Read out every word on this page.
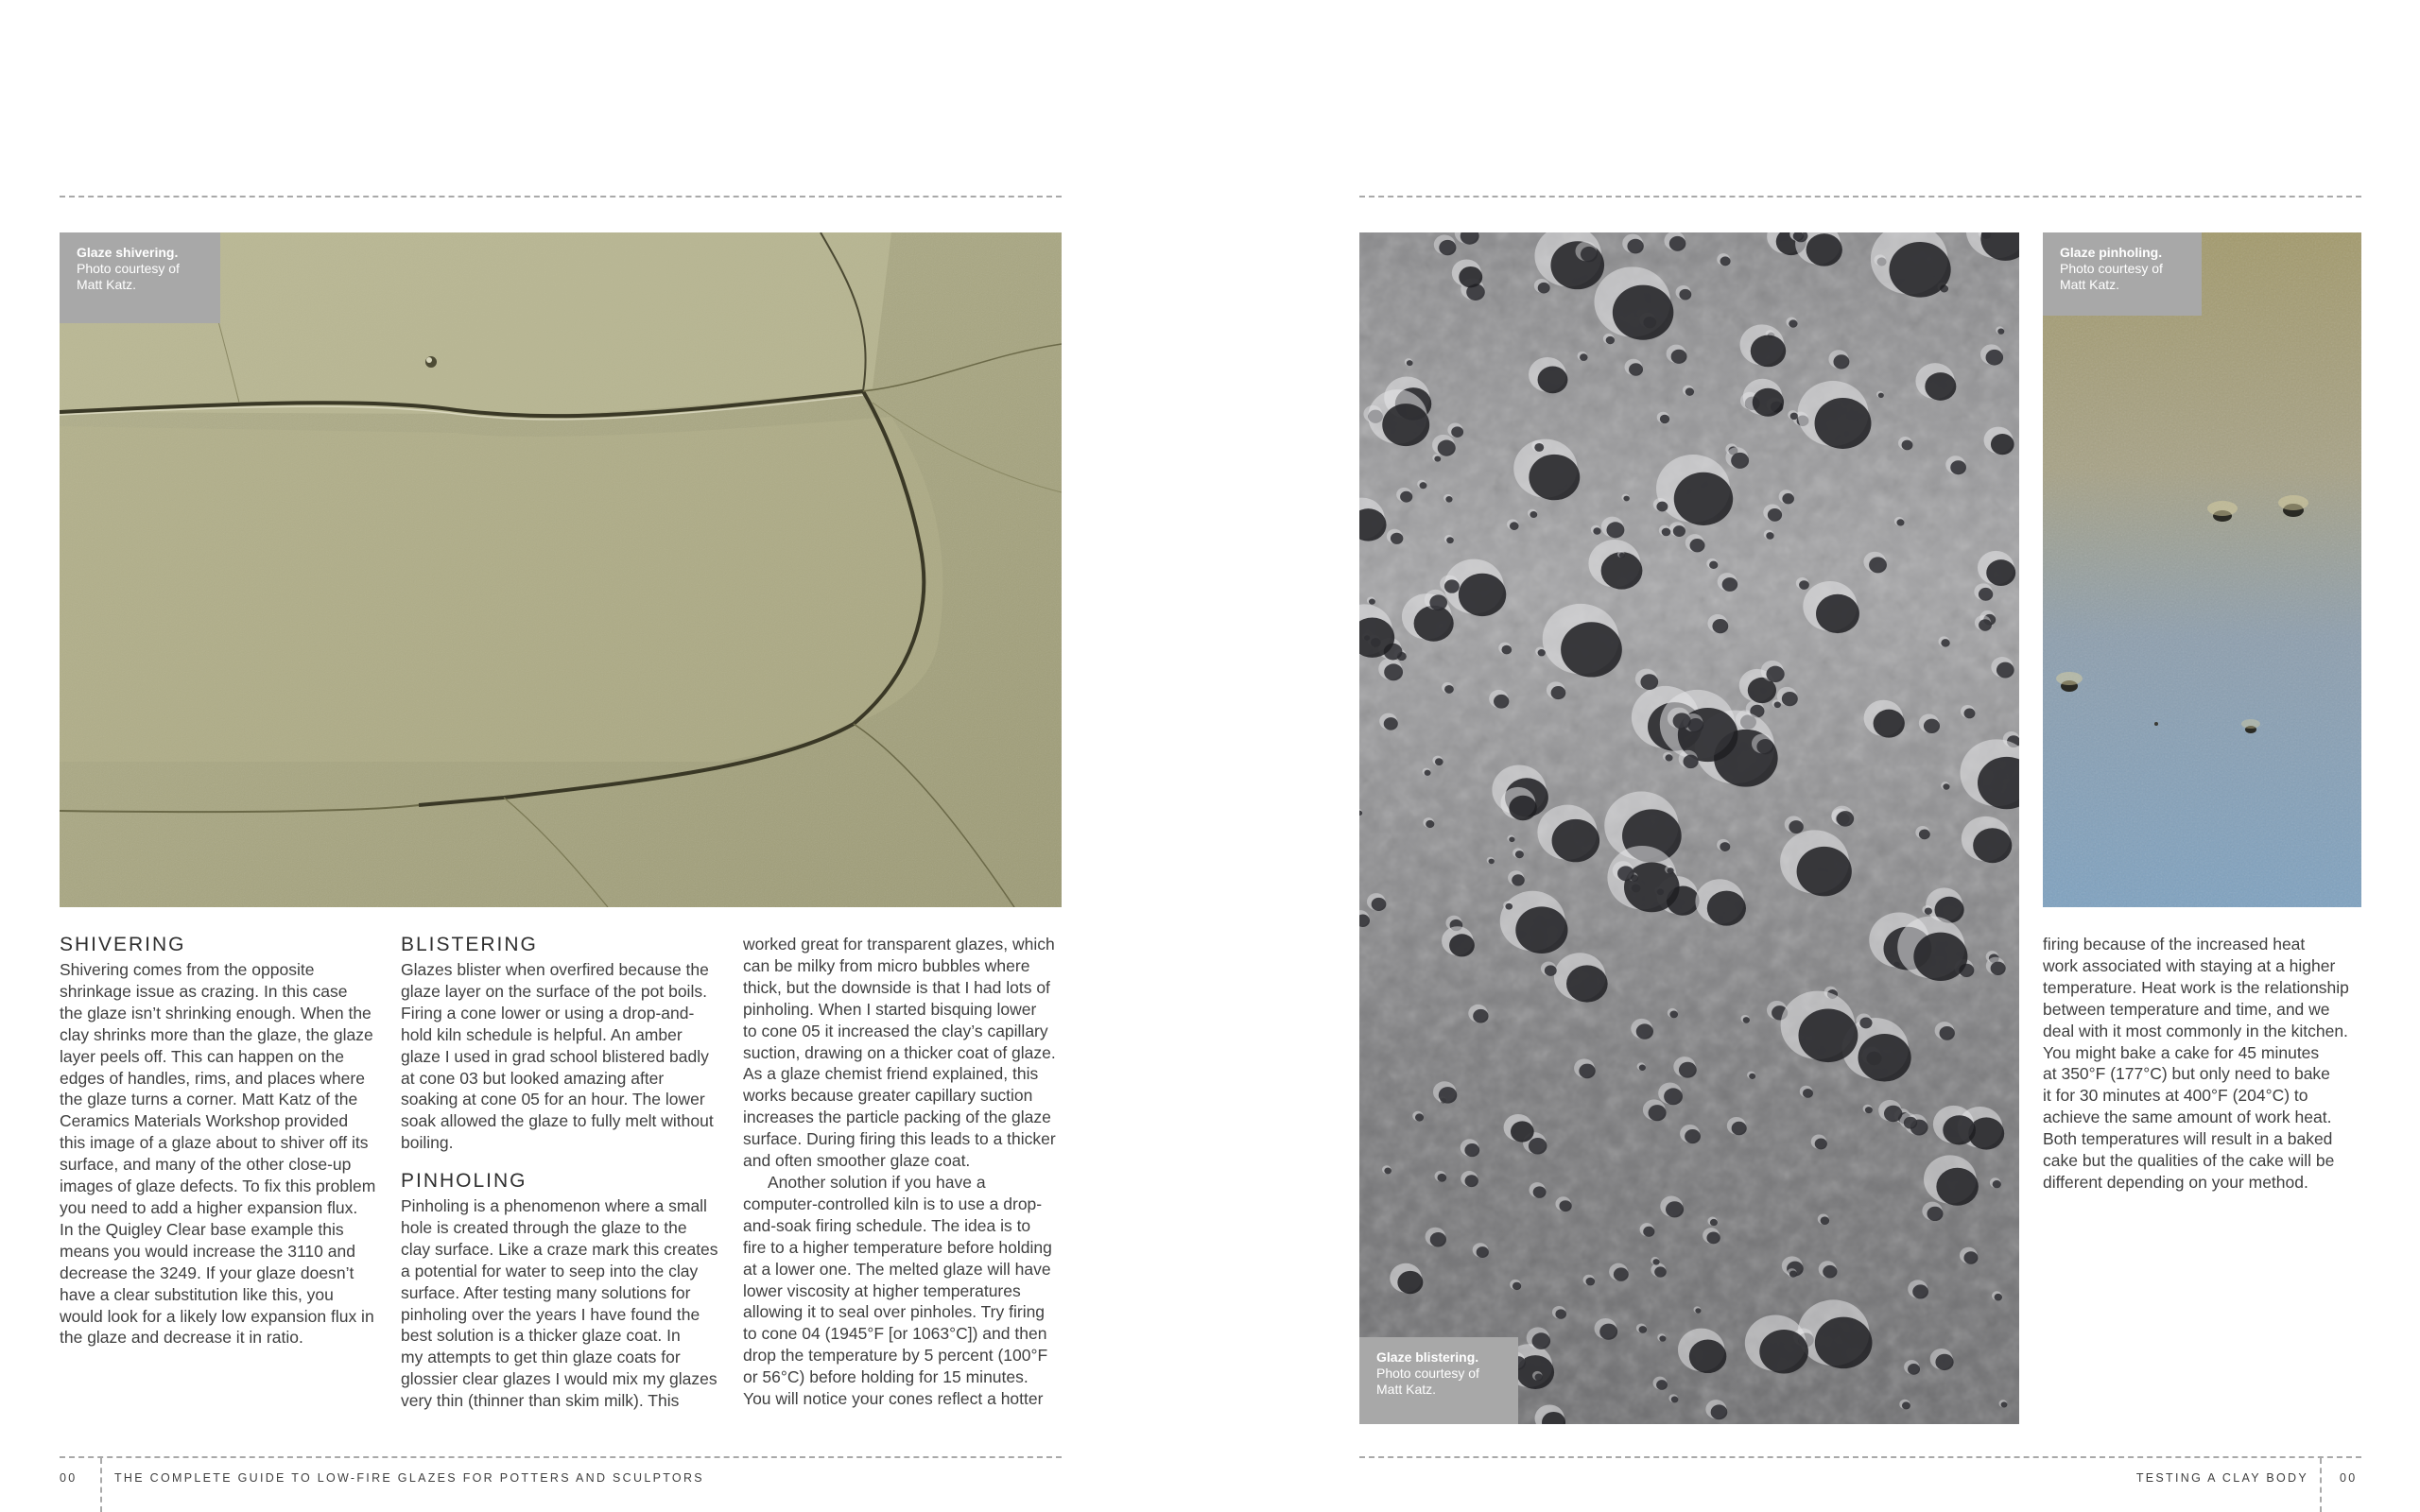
Glaze shivering.
Photo courtesy of
Matt Katz.
SHIVERING

Shivering comes from the opposite
shrinkage issue as crazing. In this case
the glaze isn’t shrinking enough. When the
clay shrinks more than the glaze, the glaze
layer peels off. This can happen on the
edges of handles, rims, and places where
the glaze turns a corner. Matt Katz of the
Ceramics Materials Workshop provided
this image of a glaze about to shiver off its
surface, and many of the other close-up
images of glaze defects. To fix this problem
you need to add a higher expansion flux.
In the Quigley Clear base example this
means you would increase the 3110 and
decrease the 3249. If your glaze doesn’t
have a clear substitution like this, you
would look for a likely low expansion flux in
the glaze and decrease it in ratio.

BLISTERING

Glazes blister when overfired because the
glaze layer on the surface of the pot boils.
Firing a cone lower or using a drop-and-
hold kiln schedule is helpful. An amber
glaze I used in grad school blistered badly
at cone 03 but looked amazing after
soaking at cone 05 for an hour. The lower
soak allowed the glaze to fully melt without
boiling.

PINHOLING

Pinholing is a phenomenon where a small
hole is created through the glaze to the
clay surface. Like a craze mark this creates
a potential for water to seep into the clay
surface. After testing many solutions for
pinholing over the years I have found the
best solution is a thicker glaze coat. In
my attempts to get thin glaze coats for
glossier clear glazes I would mix my glazes
very thin (thinner than skim milk). This

worked great for transparent glazes, which
can be milky from micro bubbles where
thick, but the downside is that I had lots of
pinholing. When I started bisquing lower
to cone 05 it increased the clay’s capillary
suction, drawing on a thicker coat of glaze.
As a glaze chemist friend explained, this
works because greater capillary suction
increases the particle packing of the glaze
surface. During firing this leads to a thicker
and often smoother glaze coat.

Another solution if you have a
computer-controlled kiln is to use a drop-
and-soak firing schedule. The idea is to
fire to a higher temperature before holding
at a lower one. The melted glaze will have
lower viscosity at higher temperatures
allowing it to seal over pinholes. Try firing
to cone 04 (1945°F [or 1063°C]) and then
drop the temperature by 5 percent (100°F
or 56°C) before holding for 15 minutes.
You will notice your cones reflect a hotter

00	THE COMPLETE GUIDE TO LOW-FIRE GLAZES FOR POTTERS AND SCULPTORS
Glaze blistering.
Photo courtesy of
Matt Katz.
Glaze pinholing.
Photo courtesy of
Matt Katz.

firing because of the increased heat
work associated with staying at a higher
temperature. Heat work is the relationship
between temperature and time, and we
deal with it most commonly in the kitchen.
You might bake a cake for 45 minutes
at 350°F (177°C) but only need to bake
it for 30 minutes at 400°F (204°C) to
achieve the same amount of work heat.
Both temperatures will result in a baked
cake but the qualities of the cake will be
different depending on your method.

TESTING A CLAY BODY	00
